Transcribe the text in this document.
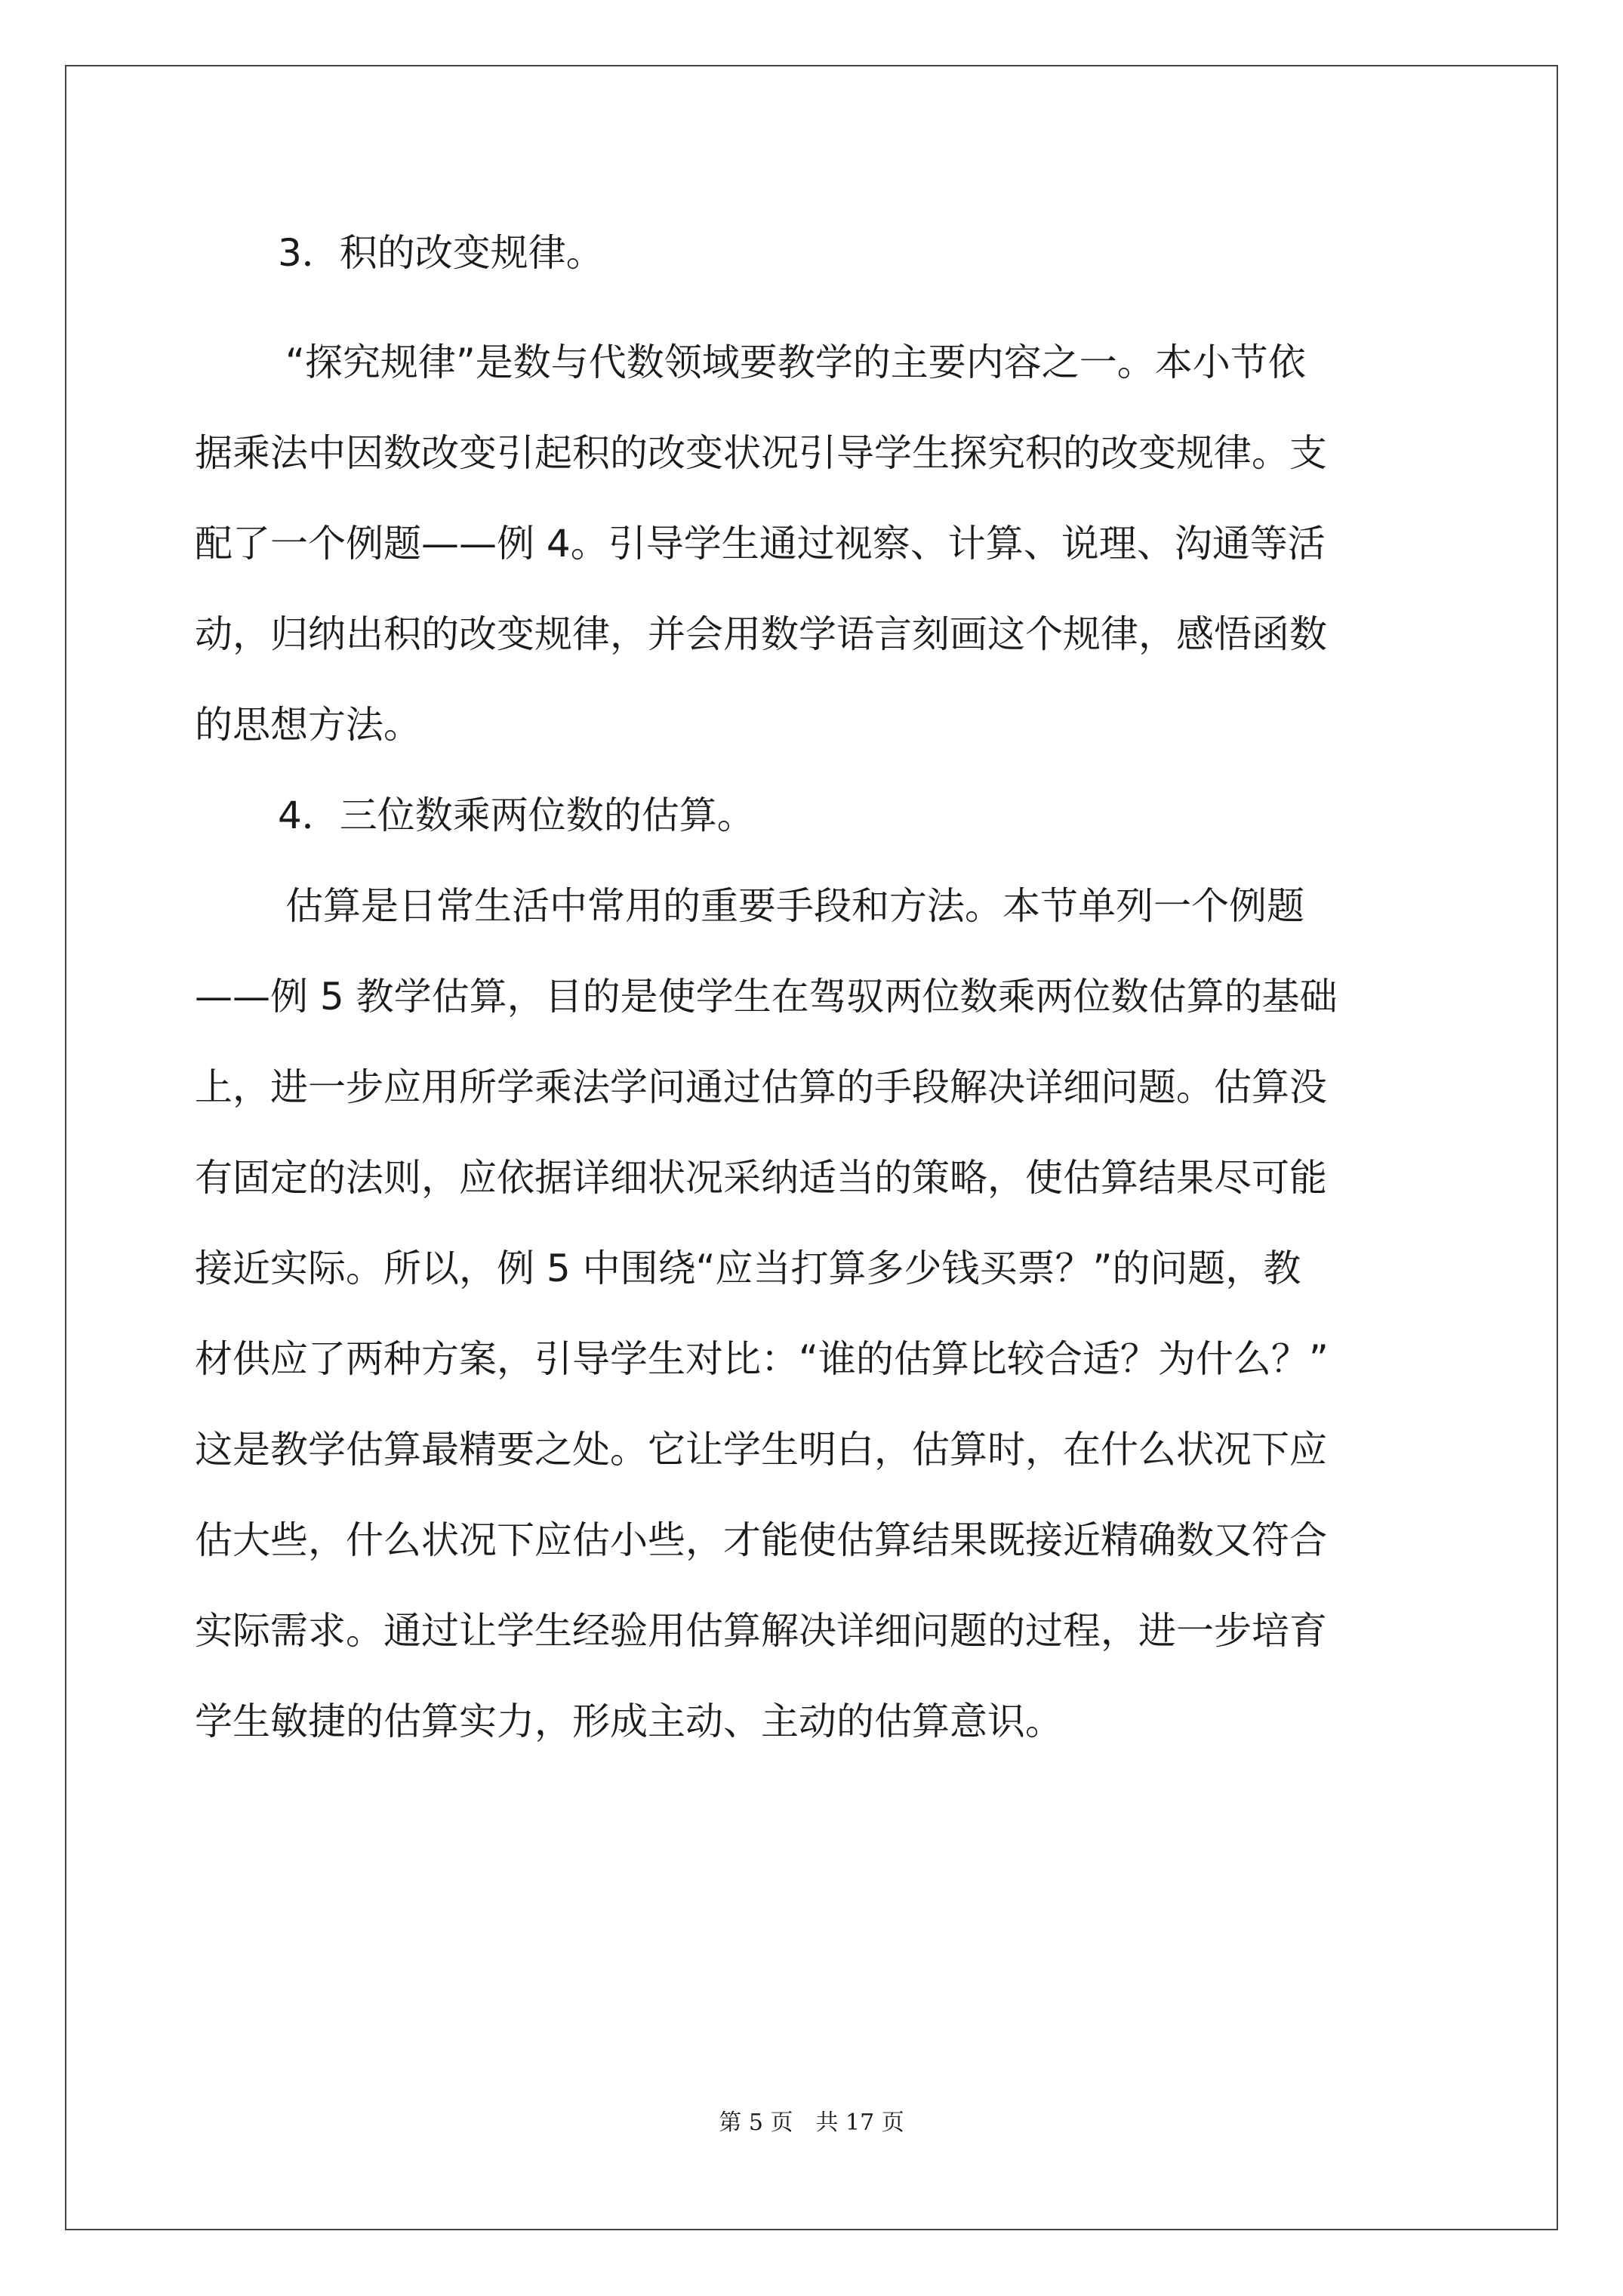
3．积的改变规律。

“探究规律”是数与代数领域要教学的主要内容之一。本小节依

据乘法中因数改变引起积的改变状况引导学生探究积的改变规律。支

配了一个例题——例 4。引导学生通过视察、计算、说理、沟通等活

动，归纳出积的改变规律，并会用数学语言刻画这个规律，感悟函数

的思想方法。

4．三位数乘两位数的估算。

估算是日常生活中常用的重要手段和方法。本节单列一个例题

——例 5 教学估算，目的是使学生在驾驭两位数乘两位数估算的基础

上，进一步应用所学乘法学问通过估算的手段解决详细问题。估算没

有固定的法则，应依据详细状况采纳适当的策略，使估算结果尽可能

接近实际。所以，例 5 中围绕“应当打算多少钱买票？”的问题，教

材供应了两种方案，引导学生对比：“谁的估算比较合适？为什么？”

这是教学估算最精要之处。它让学生明白，估算时，在什么状况下应

估大些，什么状况下应估小些，才能使估算结果既接近精确数又符合

实际需求。通过让学生经验用估算解决详细问题的过程，进一步培育

学生敏捷的估算实力，形成主动、主动的估算意识。

第 5 页　共 17 页
